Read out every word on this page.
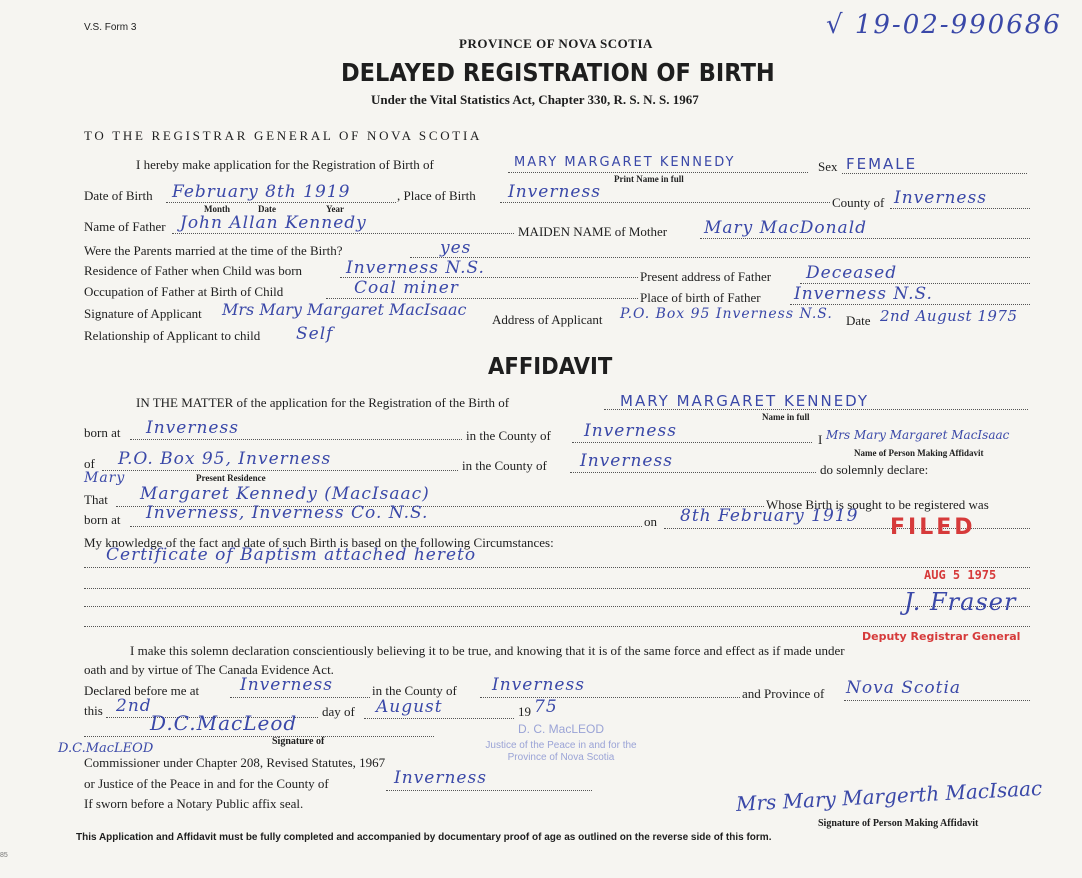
V.S. Form 3	√ 19-02-990686
PROVINCE OF NOVA SCOTIA
DELAYED REGISTRATION OF BIRTH
Under the Vital Statistics Act, Chapter 330, R. S. N. S. 1967
TO THE REGISTRAR GENERAL OF NOVA SCOTIA
I hereby make application for the Registration of Birth of	MARY MARGARET KENNEDY
Print Name in full
Sex FEMALE
Date of Birth February 8th 1919
Month	Date	Year
, Place of Birth Inverness
County of Inverness
Name of Father John Allan Kennedy	MAIDEN NAME of Mother Mary MacDonald
Were the Parents married at the time of the Birth?	yes
Residence of Father when Child was born	Inverness N.S.	Present address of Father Deceased
Occupation of Father at Birth of Child	Coal miner	Place of birth of Father Inverness N.S.
Signature of Applicant Mrs Mary Margaret MacIsaac
Address of Applicant P.O. Box 95 Inverness N.S. Date 2nd August 1975
Relationship of Applicant to child Self
AFFIDAVIT
IN THE MATTER of the application for the Registration of the Birth of	MARY MARGARET KENNEDY
Name in full
born at Inverness	in the County of Inverness	I Mrs Mary Margaret MacIsaac
Name of Person Making Affidavit
of P.O. Box 95, Inverness
Present Residence
in the County of Inverness	do solemnly declare:
Mary
That Margaret Kennedy (MacIsaac)
Whose Birth is sought to be registered was
born at Inverness, Inverness Co. N.S.	on 8th February 1919
My knowledge of the fact and date of such Birth is based on the following Circumstances:
Certificate of Baptism attached hereto
I make this solemn declaration conscientiously believing it to be true, and knowing that it is of the same force and effect as if made under
oath and by virtue of The Canada Evidence Act.
Declared before me at Inverness	in the County of Inverness	and Province of Nova Scotia
this 2nd	day of August	19 75
D.C.MacLeod
Signature of
D.C.MacLEOD
Commissioner under Chapter 208, Revised Statutes, 1967
or Justice of the Peace in and for the County of	Inverness
If sworn before a Notary Public affix seal.	Mrs Mary Margerth MacIsaac
Signature of Person Making Affidavit
FILED
AUG 5 1975
J. Fraser
Deputy Registrar General
D. C. MacLEOD
Justice of the Peace in and for the
Province of Nova Scotia
This Application and Affidavit must be fully completed and accompanied by documentary proof of age as outlined on the reverse side of this form.
85
